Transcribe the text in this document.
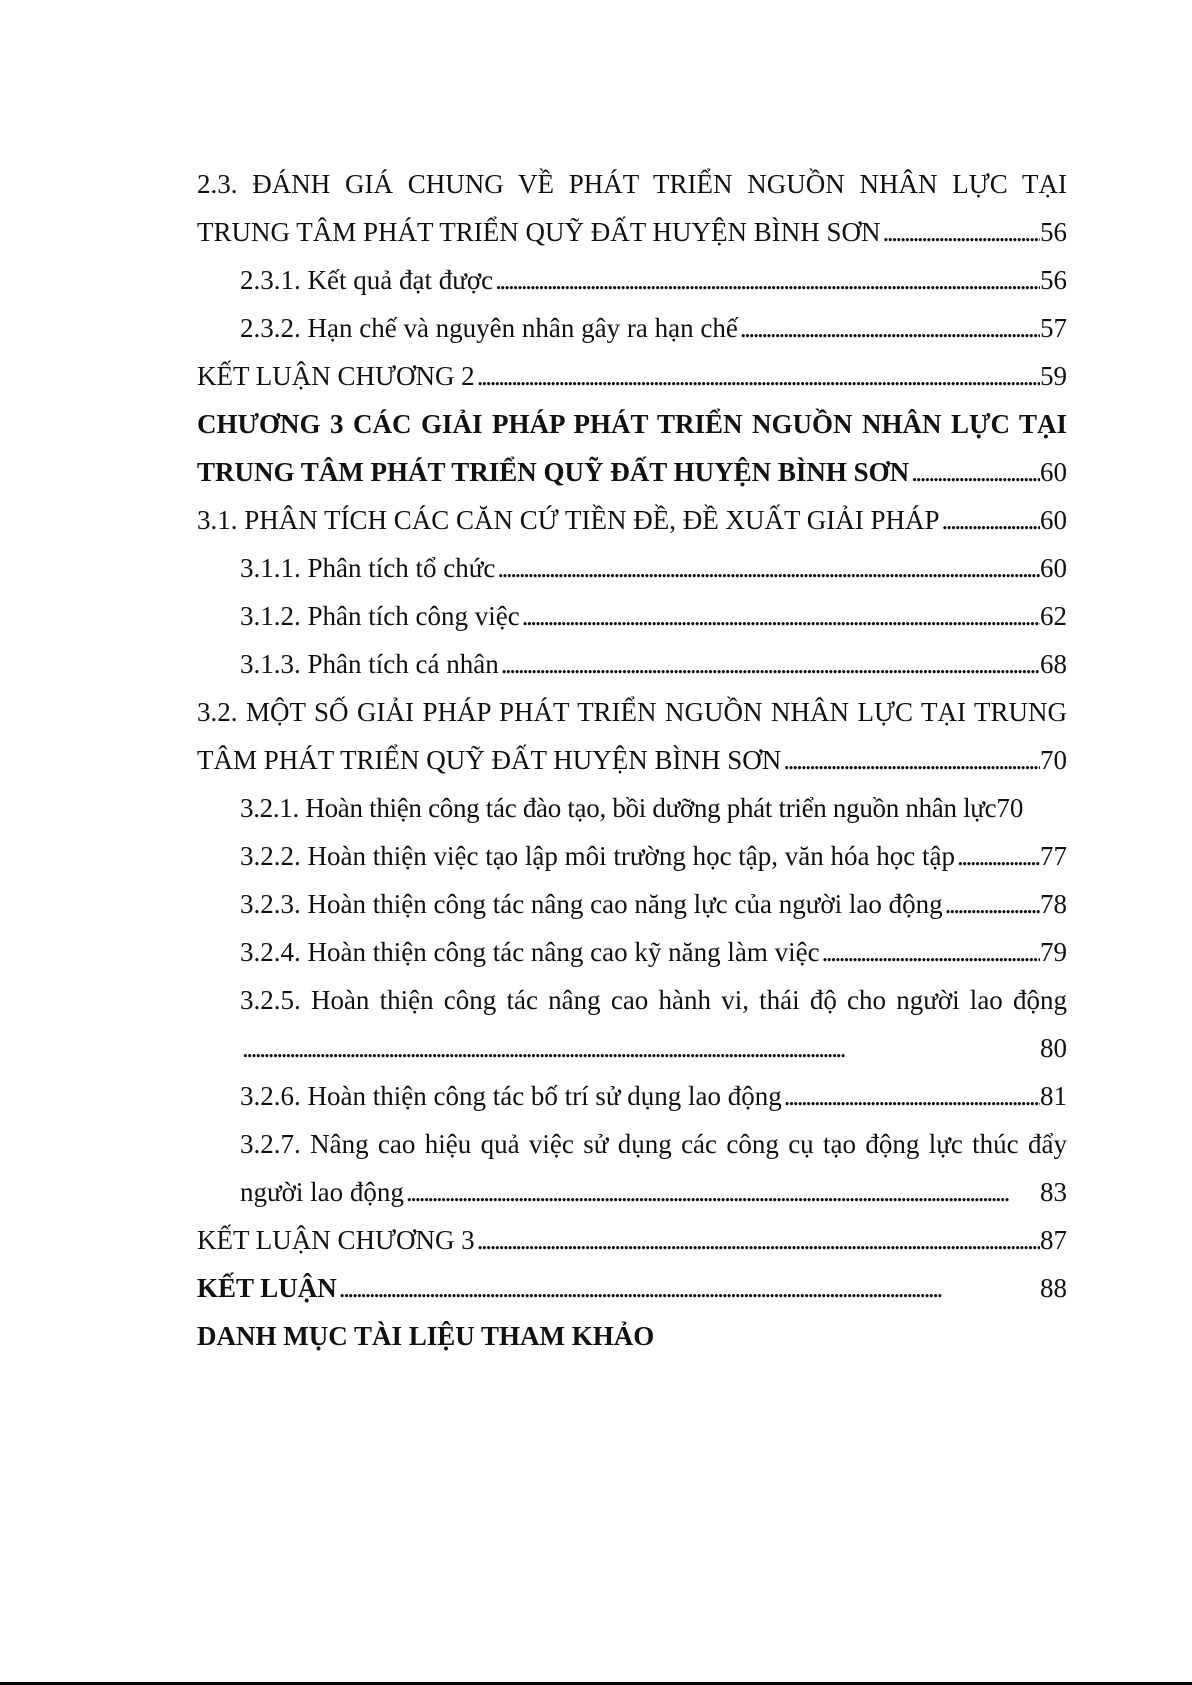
2.3. ĐÁNH GIÁ CHUNG VỀ PHÁT TRIỂN NGUỒN NHÂN LỰC TẠI
TRUNG TÂM PHÁT TRIỂN QUỸ ĐẤT HUYỆN BÌNH SƠN . . .	56
2.3.1. Kết quả đạt được . . .	56
2.3.2. Hạn chế và nguyên nhân gây ra hạn chế . . .	57
KẾT LUẬN CHƯƠNG 2 . . .	59
CHƯƠNG 3 CÁC GIẢI PHÁP PHÁT TRIỂN NGUỒN NHÂN LỰC TẠI
TRUNG TÂM PHÁT TRIỂN QUỸ ĐẤT HUYỆN BÌNH SƠN . . .	60
3.1. PHÂN TÍCH CÁC CĂN CỨ TIỀN ĐỀ, ĐỀ XUẤT GIẢI PHÁP . . .	60
3.1.1. Phân tích tổ chức . . .	60
3.1.2. Phân tích công việc . . .	62
3.1.3. Phân tích cá nhân . . .	68
3.2. MỘT SỐ GIẢI PHÁP PHÁT TRIỂN NGUỒN NHÂN LỰC TẠI TRUNG
TÂM PHÁT TRIỂN QUỸ ĐẤT HUYỆN BÌNH SƠN . . .	70
3.2.1. Hoàn thiện công tác đào tạo, bồi dưỡng phát triển nguồn nhân lực 70
3.2.2. Hoàn thiện việc tạo lập môi trường học tập, văn hóa học tập . . .	77
3.2.3. Hoàn thiện công tác nâng cao năng lực của người lao động . . .	78
3.2.4. Hoàn thiện công tác nâng cao kỹ năng làm việc . . .	79
3.2.5. Hoàn thiện công tác nâng cao hành vi, thái độ cho người lao động
. . .
80
3.2.6. Hoàn thiện công tác bố trí sử dụng lao động . . .	81
3.2.7. Nâng cao hiệu quả việc sử dụng các công cụ tạo động lực thúc đẩy
người lao động . . .	83
KẾT LUẬN CHƯƠNG 3 . . .	87
KẾT LUẬN . . .	88
DANH MỤC TÀI LIỆU THAM KHẢO
